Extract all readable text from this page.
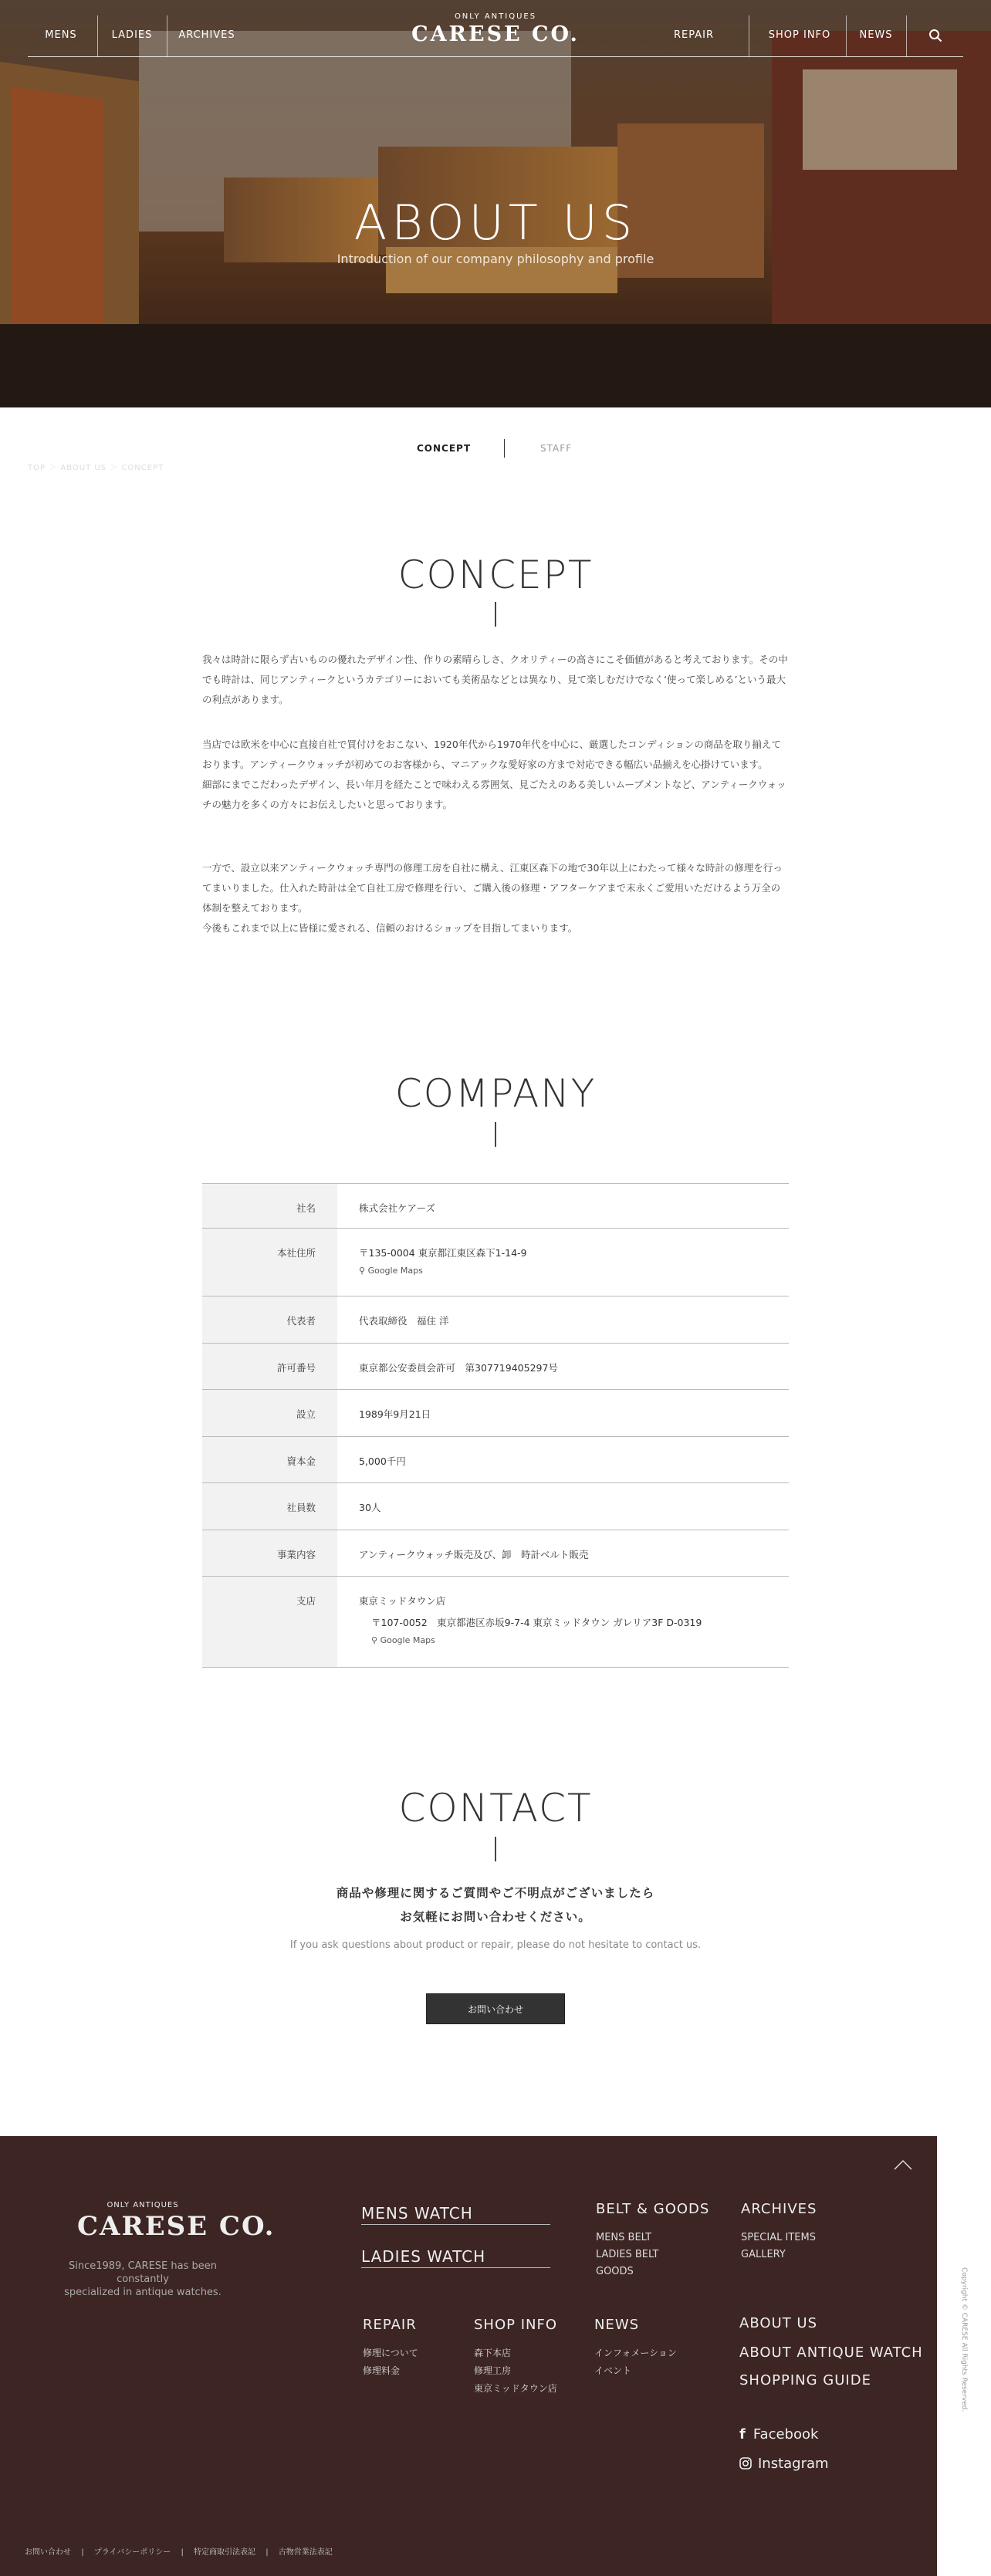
MENS	LADIES	ARCHIVES
ONLY ANTIQUES
CARESE CO.	REPAIR	SHOP INFO	NEWS
ABOUT US
Introduction of our company philosophy and profile
CONCEPT	STAFF
TOP ＞ ABOUT US ＞ CONCEPT
CONCEPT
我々は時計に限らず古いものの優れたデザイン性、作りの素晴らしさ、クオリティーの高さにこそ価値があると考えております。その中でも時計は、同じアンティークというカテゴリーにおいても美術品などとは異なり、見て楽しむだけでなく‘使って楽しめる’という最大の利点があります。
当店では欧米を中心に直接自社で買付けをおこない、1920年代から1970年代を中心に、厳選したコンディションの商品を取り揃えております。アンティークウォッチが初めてのお客様から、マニアックな愛好家の方まで対応できる幅広い品揃えを心掛けています。
細部にまでこだわったデザイン、長い年月を経たことで味わえる雰囲気、見ごたえのある美しいムーブメントなど、アンティークウォッチの魅力を多くの方々にお伝えしたいと思っております。
一方で、設立以来アンティークウォッチ専門の修理工房を自社に構え、江東区森下の地で30年以上にわたって様々な時計の修理を行ってまいりました。仕入れた時計は全て自社工房で修理を行い、ご購入後の修理・アフターケアまで末永くご愛用いただけるよう万全の体制を整えております。
今後もこれまで以上に皆様に愛される、信頼のおけるショップを目指してまいります。
COMPANY
社名	株式会社ケアーズ
本社住所	〒135-0004 東京都江東区森下1-14-9
⚲ Google Maps

代表者	代表取締役　福住 洋
許可番号	東京都公安委員会許可　第307719405297号
設立	1989年9月21日
資本金	5,000千円
社員数	30人
事業内容	アンティークウォッチ販売及び、卸　時計ベルト販売
支店	東京ミッドタウン店
〒107-0052　東京都港区赤坂9-7-4 東京ミッドタウン ガレリア3F D-0319
⚲ Google Maps
CONTACT
商品や修理に関するご質問やご不明点がございましたら
お気軽にお問い合わせください。
If you ask questions about product or repair, please do not hesitate to contact us.
お問い合わせ
ONLY ANTIQUES
CARESE CO.
Since1989, CARESE has been constantly
specialized in antique watches.
MENS WATCH
LADIES WATCH
BELT & GOODS
MENS BELT
LADIES BELT
GOODS
ARCHIVES
SPECIAL ITEMS
GALLERY
REPAIR
修理について
修理料金
SHOP INFO
森下本店
修理工房
東京ミッドタウン店
NEWS
インフォメーション
イベント
ABOUT US
ABOUT ANTIQUE WATCH
SHOPPING GUIDE
f Facebook
Instagram
お問い合わせ | プライバシーポリシー | 特定商取引法表記 | 古物営業法表記
Copyright © CARESE All Rights Reserved.
